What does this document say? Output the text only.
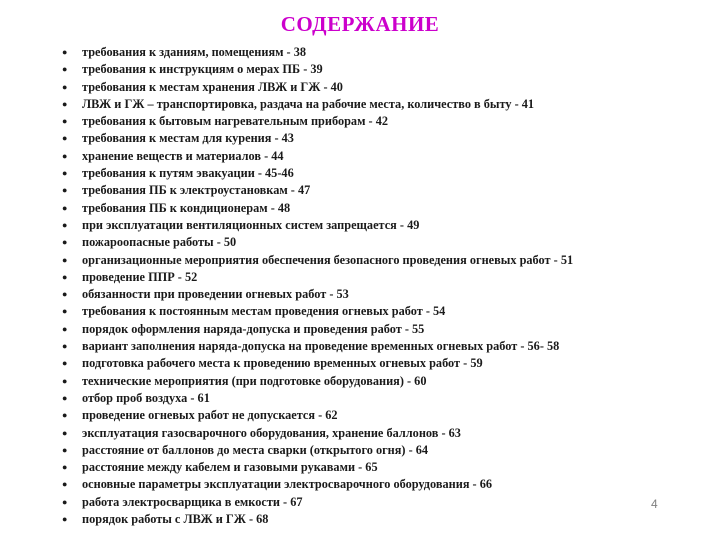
СОДЕРЖАНИЕ
● требования к зданиям, помещениям - 38
● требования к инструкциям о мерах ПБ - 39
● требования к местам хранения ЛВЖ и ГЖ - 40
● ЛВЖ и ГЖ – транспортировка, раздача на рабочие места, количество в быту - 41
● требования к бытовым нагревательным приборам - 42
● требования к местам для курения - 43
● хранение веществ и материалов - 44
● требования к путям эвакуации - 45-46
● требования ПБ к электроустановкам - 47
● требования ПБ к кондиционерам - 48
● при эксплуатации вентиляционных систем запрещается - 49
● пожароопасные работы - 50
● организационные мероприятия обеспечения безопасного проведения огневых работ - 51
● проведение ППР - 52
● обязанности при проведении огневых работ - 53
● требования к постоянным местам проведения огневых работ - 54
● порядок оформления наряда-допуска и проведения работ - 55
● вариант заполнения наряда-допуска на проведение временных огневых работ - 56- 58
● подготовка рабочего места к проведению временных огневых работ - 59
● технические мероприятия (при подготовке оборудования) - 60
● отбор проб воздуха - 61
● проведение огневых работ не допускается - 62
● эксплуатация газосварочного оборудования, хранение баллонов - 63
● расстояние от баллонов до места сварки (открытого огня) - 64
● расстояние между кабелем и газовыми рукавами - 65
● основные параметры эксплуатации электросварочного оборудования - 66
● работа электросварщика в емкости - 67
● порядок работы с ЛВЖ и ГЖ - 68
4
